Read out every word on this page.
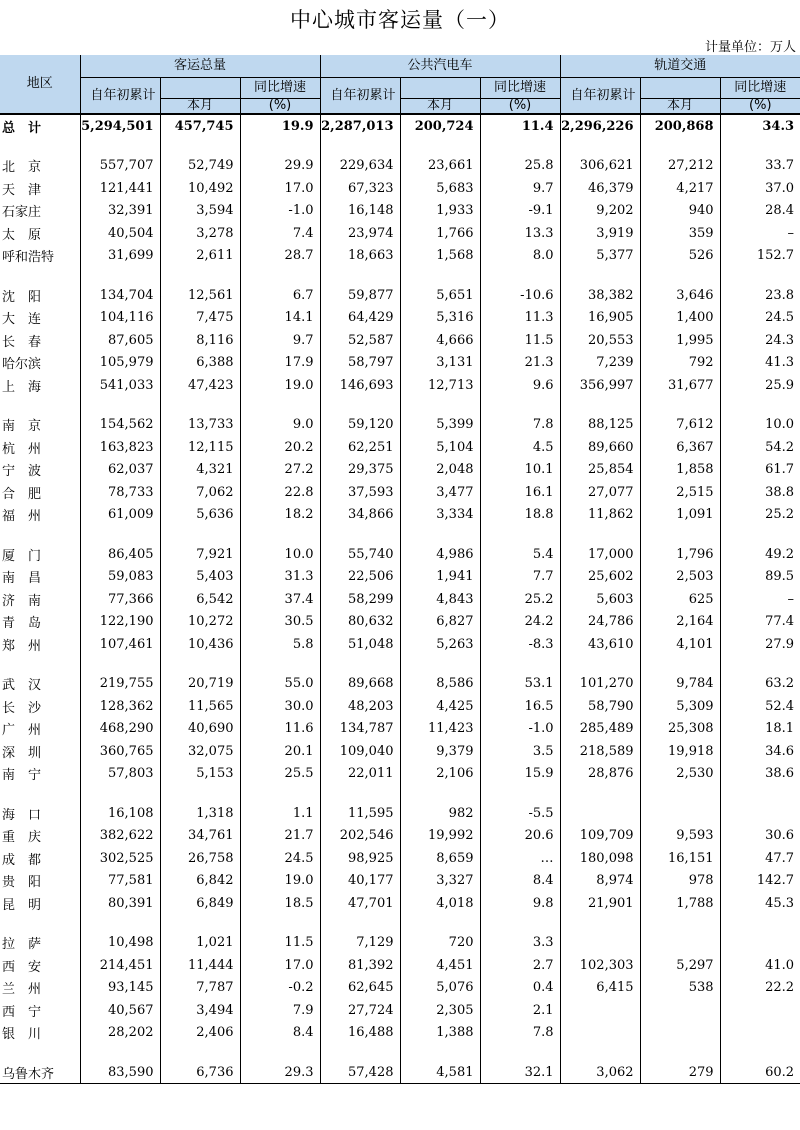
中心城市客运量（一）
计量单位：万人
地区	客运总量			公共汽电车			轨道交通		
	自年初累计		同比增速	自年初累计		同比增速	自年初累计		同比增速

		本月	(%)		本月	(%)		本月	(%)
总　计	5,294,501	457,745	19.9	2,287,013	200,724	11.4	2,296,226	200,868	34.3

北　京	557,707	52,749	29.9	229,634	23,661	25.8	306,621	27,212	33.7
天　津	121,441	10,492	17.0	67,323	5,683	9.7	46,379	4,217	37.0
石家庄	32,391	3,594	-1.0	16,148	1,933	-9.1	9,202	940	28.4
太　原	40,504	3,278	7.4	23,974	1,766	13.3	3,919	359	–
呼和浩特	31,699	2,611	28.7	18,663	1,568	8.0	5,377	526	152.7

沈　阳	134,704	12,561	6.7	59,877	5,651	-10.6	38,382	3,646	23.8
大　连	104,116	7,475	14.1	64,429	5,316	11.3	16,905	1,400	24.5
长　春	87,605	8,116	9.7	52,587	4,666	11.5	20,553	1,995	24.3
哈尔滨	105,979	6,388	17.9	58,797	3,131	21.3	7,239	792	41.3
上　海	541,033	47,423	19.0	146,693	12,713	9.6	356,997	31,677	25.9

南　京	154,562	13,733	9.0	59,120	5,399	7.8	88,125	7,612	10.0
杭　州	163,823	12,115	20.2	62,251	5,104	4.5	89,660	6,367	54.2
宁　波	62,037	4,321	27.2	29,375	2,048	10.1	25,854	1,858	61.7
合　肥	78,733	7,062	22.8	37,593	3,477	16.1	27,077	2,515	38.8
福　州	61,009	5,636	18.2	34,866	3,334	18.8	11,862	1,091	25.2

厦　门	86,405	7,921	10.0	55,740	4,986	5.4	17,000	1,796	49.2
南　昌	59,083	5,403	31.3	22,506	1,941	7.7	25,602	2,503	89.5
济　南	77,366	6,542	37.4	58,299	4,843	25.2	5,603	625	–
青　岛	122,190	10,272	30.5	80,632	6,827	24.2	24,786	2,164	77.4
郑　州	107,461	10,436	5.8	51,048	5,263	-8.3	43,610	4,101	27.9

武　汉	219,755	20,719	55.0	89,668	8,586	53.1	101,270	9,784	63.2
长　沙	128,362	11,565	30.0	48,203	4,425	16.5	58,790	5,309	52.4
广　州	468,290	40,690	11.6	134,787	11,423	-1.0	285,489	25,308	18.1
深　圳	360,765	32,075	20.1	109,040	9,379	3.5	218,589	19,918	34.6
南　宁	57,803	5,153	25.5	22,011	2,106	15.9	28,876	2,530	38.6

海　口	16,108	1,318	1.1	11,595	982	-5.5			
重　庆	382,622	34,761	21.7	202,546	19,992	20.6	109,709	9,593	30.6
成　都	302,525	26,758	24.5	98,925	8,659	…	180,098	16,151	47.7
贵　阳	77,581	6,842	19.0	40,177	3,327	8.4	8,974	978	142.7
昆　明	80,391	6,849	18.5	47,701	4,018	9.8	21,901	1,788	45.3

拉　萨	10,498	1,021	11.5	7,129	720	3.3			
西　安	214,451	11,444	17.0	81,392	4,451	2.7	102,303	5,297	41.0
兰　州	93,145	7,787	-0.2	62,645	5,076	0.4	6,415	538	22.2
西　宁	40,567	3,494	7.9	27,724	2,305	2.1			
银　川	28,202	2,406	8.4	16,488	1,388	7.8			

乌鲁木齐	83,590	6,736	29.3	57,428	4,581	32.1	3,062	279	60.2
